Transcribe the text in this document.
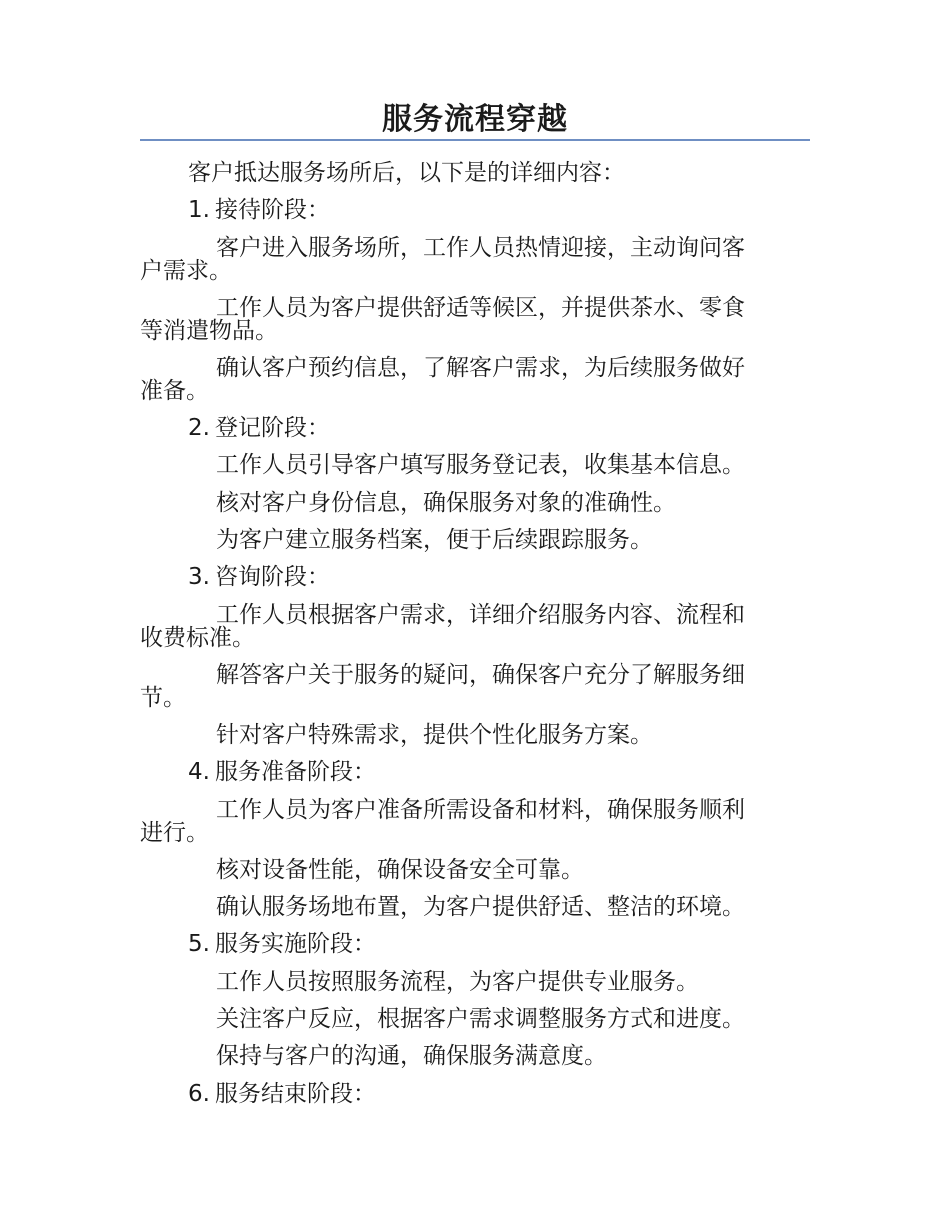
服务流程穿越
客户抵达服务场所后，以下是的详细内容：
1. 接待阶段：
客户进入服务场所，工作人员热情迎接，主动询问客
户需求。
工作人员为客户提供舒适等候区，并提供茶水、零食
等消遣物品。
确认客户预约信息，了解客户需求，为后续服务做好
准备。
2. 登记阶段：
工作人员引导客户填写服务登记表，收集基本信息。
核对客户身份信息，确保服务对象的准确性。
为客户建立服务档案，便于后续跟踪服务。
3. 咨询阶段：
工作人员根据客户需求，详细介绍服务内容、流程和
收费标准。
解答客户关于服务的疑问，确保客户充分了解服务细
节。
针对客户特殊需求，提供个性化服务方案。
4. 服务准备阶段：
工作人员为客户准备所需设备和材料，确保服务顺利
进行。
核对设备性能，确保设备安全可靠。
确认服务场地布置，为客户提供舒适、整洁的环境。
5. 服务实施阶段：
工作人员按照服务流程，为客户提供专业服务。
关注客户反应，根据客户需求调整服务方式和进度。
保持与客户的沟通，确保服务满意度。
6. 服务结束阶段：
